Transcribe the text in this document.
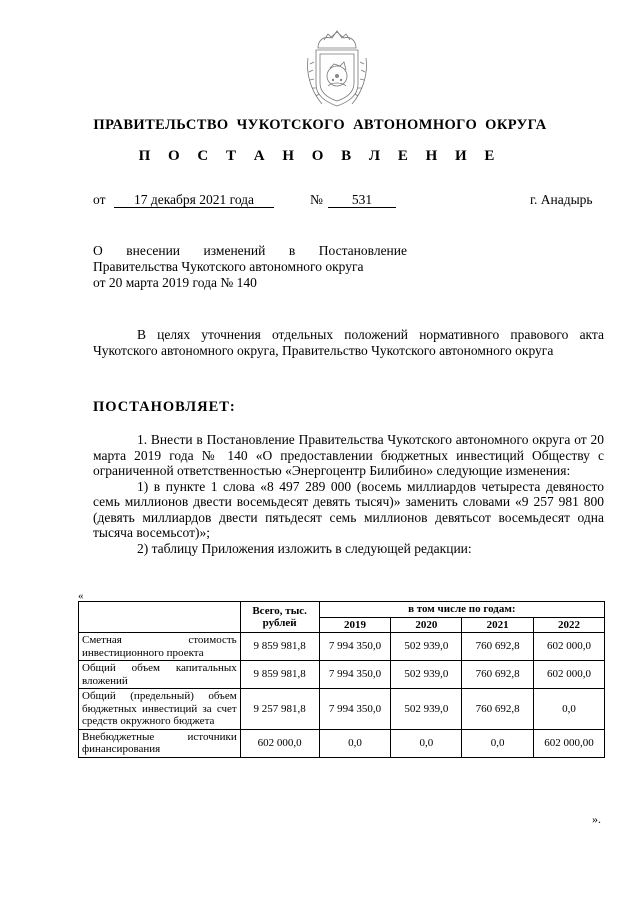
ПРАВИТЕЛЬСТВО ЧУКОТСКОГО АВТОНОМНОГО ОКРУГА
П О С Т А Н О В Л Е Н И Е
от	17 декабря 2021 года	№	531	г. Анадырь
О внесении изменений в Постановление Правительства Чукотского автономного округа
от 20 марта 2019 года № 140

В целях уточнения отдельных положений нормативного правового акта Чукотского автономного округа, Правительство Чукотского автономного округа

ПОСТАНОВЛЯЕТ:

1. Внести в Постановление Правительства Чукотского автономного округа от 20 марта 2019 года № 140 «О предоставлении бюджетных инвестиций Обществу с ограниченной ответственностью «Энергоцентр Билибино» следующие изменения:

1) в пункте 1 слова «8 497 289 000 (восемь миллиардов четыреста девяносто семь миллионов двести восемьдесят девять тысяч)» заменить словами «9 257 981 800 (девять миллиардов двести пятьдесят семь миллионов девятьсот восемьдесят одна тысяча восемьсот)»;

2) таблицу Приложения изложить в следующей редакции:

«
	Всего, тыс. рублей	в том числе по годам:			
		2019	2020	2021	2022
Сметная стоимость инвестиционного проекта	9 859 981,8	7 994 350,0	502 939,0	760 692,8	602 000,0
Общий объем капитальных вложений	9 859 981,8	7 994 350,0	502 939,0	760 692,8	602 000,0
Общий (предельный) объем бюджетных инвестиций за счет средств окружного бюджета	9 257 981,8	7 994 350,0	502 939,0	760 692,8	0,0
Внебюджетные источники финансирования	602 000,0	0,0	0,0	0,0	602 000,00
».
